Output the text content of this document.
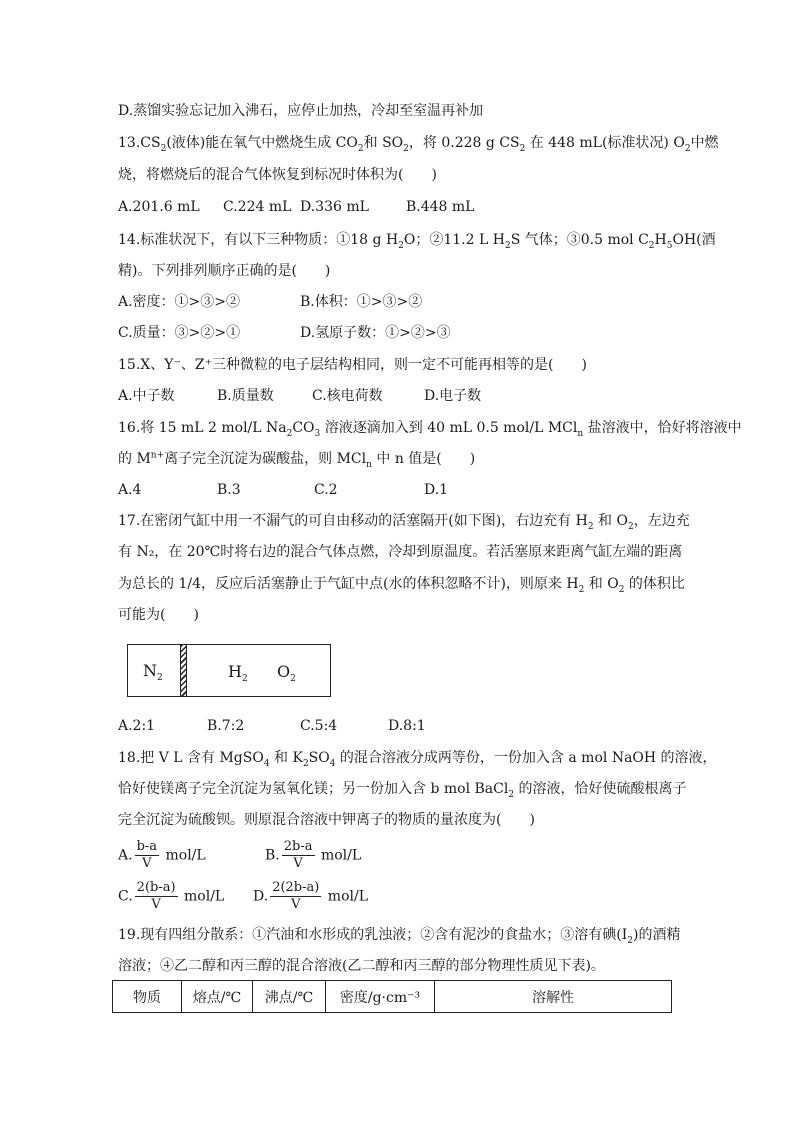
D.蒸馏实验忘记加入沸石，应停止加热，冷却至室温再补加
$13.CS_2$(液体)能在氧气中燃烧生成 $CO_2$和 $SO_2$，将 0.228 g $CS_2$ 在 448 mL(标准状况) $O_2$中燃
烧，将燃烧后的混合气体恢复到标况时体积为(　　)
A.201.6 mL C.224 mL D.336 mL	B.448 mL
14.标准状况下，有以下三种物质：①18 g $H_2O$；②11.2 L $H_2S$ 气体；③0.5 mol $C_2H_5OH$(酒
精)。下列排列顺序正确的是(　　)
A.密度：①>③>②	B.体积：①>③>②
C.质量：③>②>①	D.氢原子数：①>②>③
15.X、Y⁻、Z⁺三种微粒的电子层结构相同，则一定不可能再相等的是(　　)
A.中子数	B.质量数	C.核电荷数	D.电子数
16.将 15 mL 2 mol/L $Na_2CO_3$ 溶液逐滴加入到 40 mL 0.5 mol/L MCl$_n$ 盐溶液中，恰好将溶液中
的 $M^{n+}$离子完全沉淀为碳酸盐，则 MCl$_n$ 中 n 值是(　　)
A.4	B.3	C.2	D.1
17.在密闭气缸中用一不漏气的可自由移动的活塞隔开(如下图)，右边充有 $H_2$ 和 $O_2$，左边充
有 N₂，在 20℃时将右边的混合气体点燃，冷却到原温度。若活塞原来距离气缸左端的距离
为总长的 1/4，反应后活塞静止于气缸中点(水的体积忽略不计)，则原来 $H_2$ 和 $O_2$ 的体积比
可能为(　　)
$N_2$	$H_2$ $O_2$
A.2:1	B.7:2	C.5:4	D.8:1
18.把 V L 含有 MgSO$_4$ 和 $K_2SO_4$ 的混合溶液分成两等份，一份加入含 a mol NaOH 的溶液，
恰好使镁离子完全沉淀为氢氧化镁；另一份加入含 b mol BaCl$_2$ 的溶液，恰好使硫酸根离子
完全沉淀为硫酸钡。则原混合溶液中钾离子的物质的量浓度为(　　)
A. $\frac{b-a}{V} mol/L$	B. $\frac{2b-a}{V} mol/L$
C. $\frac{2(b-a)}{V} mol/L$ D. $\frac{2(2b-a)}{V} mol/L$
19.现有四组分散系：①汽油和水形成的乳浊液；②含有泥沙的食盐水；③溶有碘$(I_2)$的酒精
溶液；④乙二醇和丙三醇的混合溶液(乙二醇和丙三醇的部分物理性质见下表)。
物质	熔点/℃	沸点/℃	密度/g·cm⁻³	溶解性
